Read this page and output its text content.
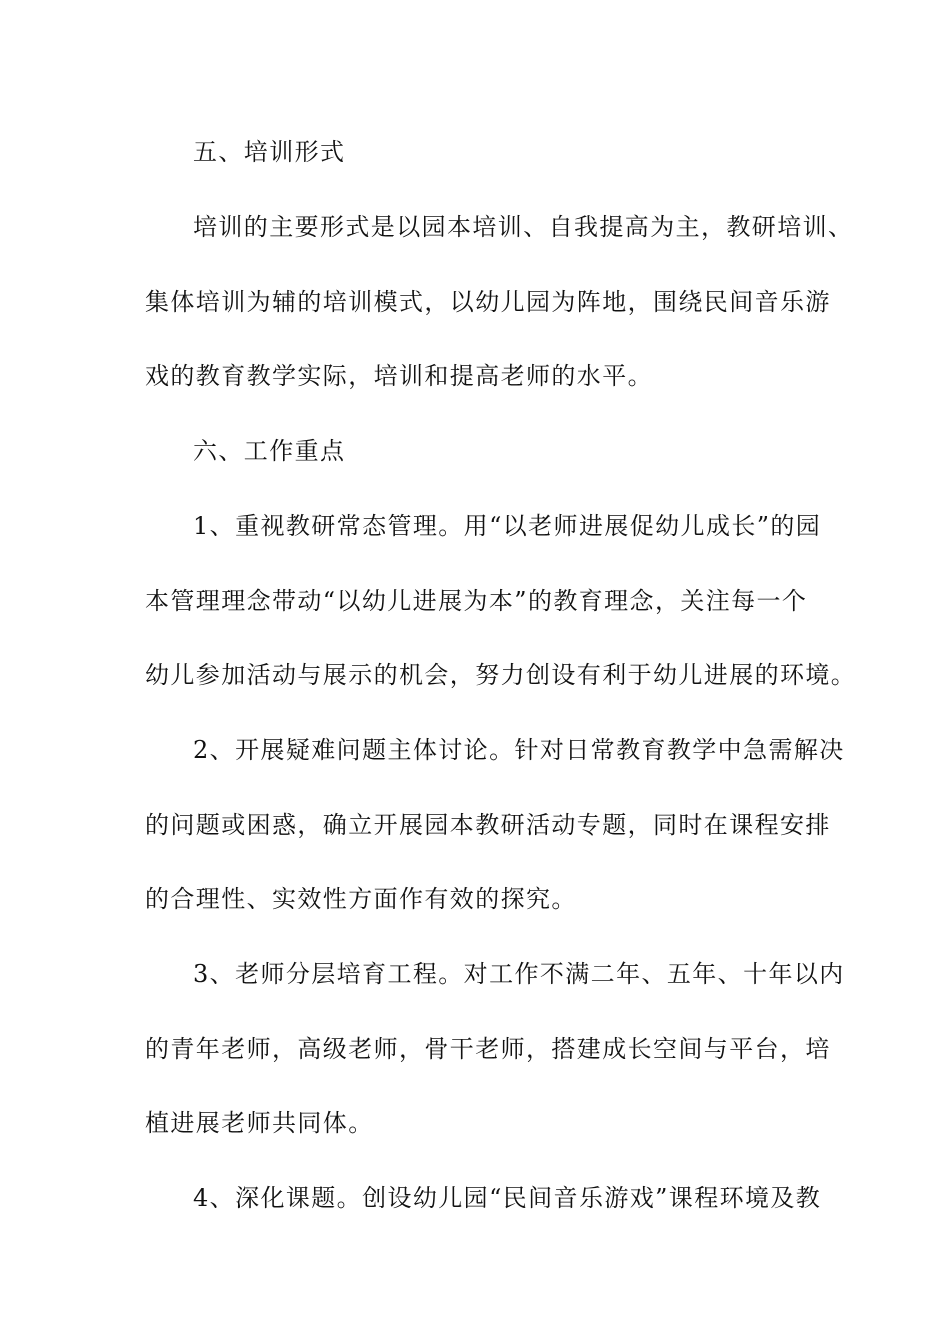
五、培训形式
培训的主要形式是以园本培训、自我提高为主，教研培训、
集体培训为辅的培训模式，以幼儿园为阵地，围绕民间音乐游
戏的教育教学实际，培训和提高老师的水平。
六、工作重点
1、重视教研常态管理。用“以老师进展促幼儿成长”的园
本管理理念带动“以幼儿进展为本”的教育理念，关注每一个
幼儿参加活动与展示的机会，努力创设有利于幼儿进展的环境。
2、开展疑难问题主体讨论。针对日常教育教学中急需解决
的问题或困惑，确立开展园本教研活动专题，同时在课程安排
的合理性、实效性方面作有效的探究。
3、老师分层培育工程。对工作不满二年、五年、十年以内
的青年老师，高级老师，骨干老师，搭建成长空间与平台，培
植进展老师共同体。
4、深化课题。创设幼儿园“民间音乐游戏”课程环境及教
